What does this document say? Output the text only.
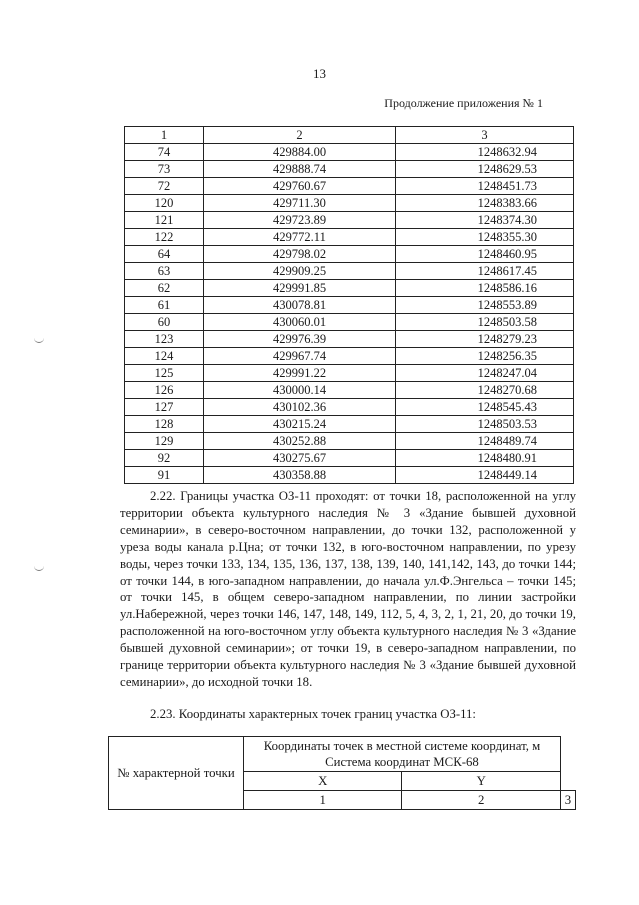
13
Продолжение приложения № 1
1	2	3
74	429884.00	1248632.94
73	429888.74	1248629.53
72	429760.67	1248451.73
120	429711.30	1248383.66
121	429723.89	1248374.30
122	429772.11	1248355.30
64	429798.02	1248460.95
63	429909.25	1248617.45
62	429991.85	1248586.16
61	430078.81	1248553.89
60	430060.01	1248503.58
123	429976.39	1248279.23
124	429967.74	1248256.35
125	429991.22	1248247.04
126	430000.14	1248270.68
127	430102.36	1248545.43
128	430215.24	1248503.53
129	430252.88	1248489.74
92	430275.67	1248480.91
91	430358.88	1248449.14

2.22. Границы участка ОЗ-11 проходят: от точки 18, расположенной на углу территории объекта культурного наследия № 3 «Здание бывшей духовной семинарии», в северо-восточном направлении, до точки 132, расположенной у уреза воды канала р.Цна; от точки 132, в юго-восточном направлении, по урезу воды, через точки 133, 134, 135, 136, 137, 138, 139, 140, 141,142, 143, до точки 144; от точки 144, в юго-западном направлении, до начала ул.Ф.Энгельса – точки 145; от точки 145, в общем северо-западном направлении, по линии застройки ул.Набережной, через точки 146, 147, 148, 149, 112, 5, 4, 3, 2, 1, 21, 20, до точки 19, расположенной на юго-восточном углу объекта культурного наследия № 3 «Здание бывшей духовной семинарии»; от точки 19, в северо-западном направлении, по границе территории объекта культурного наследия № 3 «Здание бывшей духовной семинарии», до исходной точки 18.

2.23. Координаты характерных точек границ участка ОЗ-11:

№ характерной точки	Координаты точек в местной системе координат, м
Система координат МСК-68		
	X	Y	
	1	2	3
